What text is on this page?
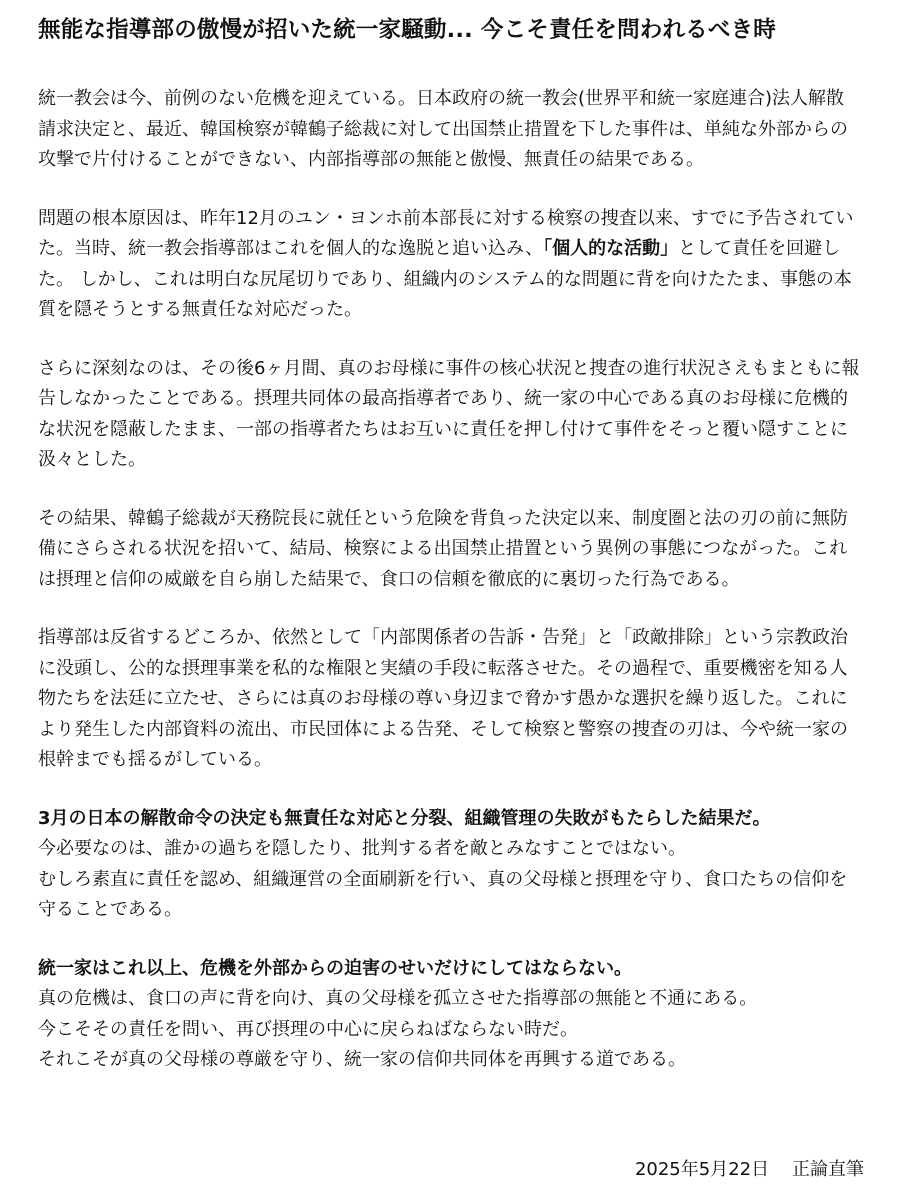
無能な指導部の傲慢が招いた統一家騒動... 今こそ責任を問われるべき時

統一教会は今、前例のない危機を迎えている。日本政府の統一教会(世界平和統一家庭連合)法人解散請求決定と、最近、韓国検察が韓鶴子総裁に対して出国禁止措置を下した事件は、単純な外部からの攻撃で片付けることができない、内部指導部の無能と傲慢、無責任の結果である。

問題の根本原因は、昨年12月のユン・ヨンホ前本部長に対する検察の捜査以来、すでに予告されていた。当時、統一教会指導部はこれを個人的な逸脱と追い込み、「個人的な活動」として責任を回避した。 しかし、これは明白な尻尾切りであり、組織内のシステム的な問題に背を向けたたま、事態の本質を隠そうとする無責任な対応だった。

さらに深刻なのは、その後6ヶ月間、真のお母様に事件の核心状況と捜査の進行状況さえもまともに報告しなかったことである。摂理共同体の最高指導者であり、統一家の中心である真のお母様に危機的な状況を隠蔽したまま、一部の指導者たちはお互いに責任を押し付けて事件をそっと覆い隠すことに汲々とした。

その結果、韓鶴子総裁が天務院長に就任という危険を背負った決定以来、制度圏と法の刃の前に無防備にさらされる状況を招いて、結局、検察による出国禁止措置という異例の事態につながった。これは摂理と信仰の威厳を自ら崩した結果で、食口の信頼を徹底的に裏切った行為である。

指導部は反省するどころか、依然として「内部関係者の告訴・告発」と「政敵排除」という宗教政治に没頭し、公的な摂理事業を私的な権限と実績の手段に転落させた。その過程で、重要機密を知る人物たちを法廷に立たせ、さらには真のお母様の尊い身辺まで脅かす愚かな選択を繰り返した。これにより発生した内部資料の流出、市民団体による告発、そして検察と警察の捜査の刃は、今や統一家の根幹までも揺るがしている。

3月の日本の解散命令の決定も無責任な対応と分裂、組織管理の失敗がもたらした結果だ。

今必要なのは、誰かの過ちを隠したり、批判する者を敵とみなすことではない。

むしろ素直に責任を認め、組織運営の全面刷新を行い、真の父母様と摂理を守り、食口たちの信仰を守ることである。

統一家はこれ以上、危機を外部からの迫害のせいだけにしてはならない。

真の危機は、食口の声に背を向け、真の父母様を孤立させた指導部の無能と不通にある。

今こそその責任を問い、再び摂理の中心に戻らねばならない時だ。

それこそが真の父母様の尊厳を守り、統一家の信仰共同体を再興する道である。

2025年5月22日 正論直筆
